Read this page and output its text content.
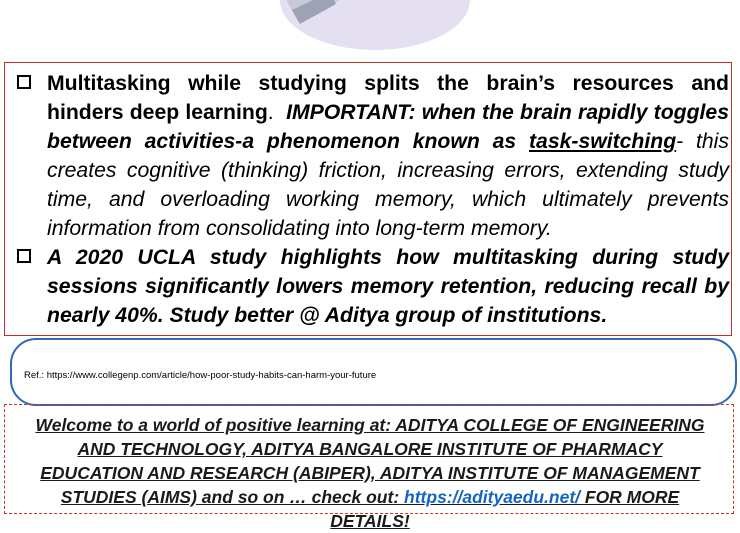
Multitasking while studying splits the brain’s resources and hinders deep learning. IMPORTANT: when the brain rapidly toggles between activities-a phenomenon known as task-switching- this creates cognitive (thinking) friction, increasing errors, extending study time, and overloading working memory, which ultimately prevents information from consolidating into long-term memory.
A 2020 UCLA study highlights how multitasking during study sessions significantly lowers memory retention, reducing recall by nearly 40%. Study better @ Aditya group of institutions.
Ref.: https://www.collegenp.com/article/how-poor-study-habits-can-harm-your-future
Welcome to a world of positive learning at: ADITYA COLLEGE OF ENGINEERING AND TECHNOLOGY, ADITYA BANGALORE INSTITUTE OF PHARMACY EDUCATION AND RESEARCH (ABIPER), ADITYA INSTITUTE OF MANAGEMENT STUDIES (AIMS) and so on … check out: https://adityaedu.net/ FOR MORE DETAILS!
